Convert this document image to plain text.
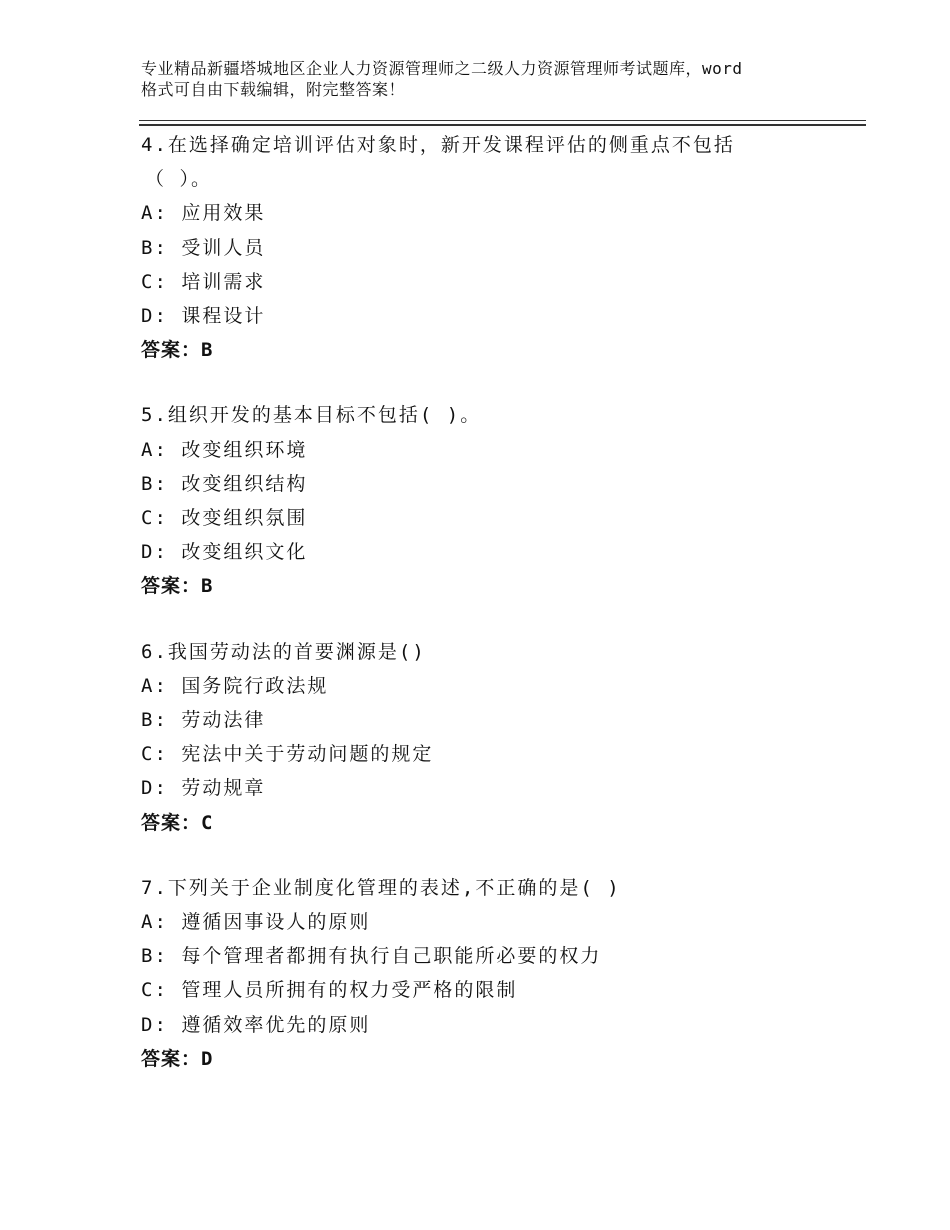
专业精品新疆塔城地区企业人力资源管理师之二级人力资源管理师考试题库，word
格式可自由下载编辑，附完整答案！
4.在选择确定培训评估对象时，新开发课程评估的侧重点不包括
（ ）。
A: 应用效果
B: 受训人员
C: 培训需求
D: 课程设计
答案：B
5.组织开发的基本目标不包括( )。
A: 改变组织环境
B: 改变组织结构
C: 改变组织氛围
D: 改变组织文化
答案：B
6.我国劳动法的首要渊源是()
A: 国务院行政法规
B: 劳动法律
C: 宪法中关于劳动问题的规定
D: 劳动规章
答案：C
7.下列关于企业制度化管理的表述,不正确的是( )
A: 遵循因事设人的原则
B: 每个管理者都拥有执行自己职能所必要的权力
C: 管理人员所拥有的权力受严格的限制
D: 遵循效率优先的原则
答案：D
